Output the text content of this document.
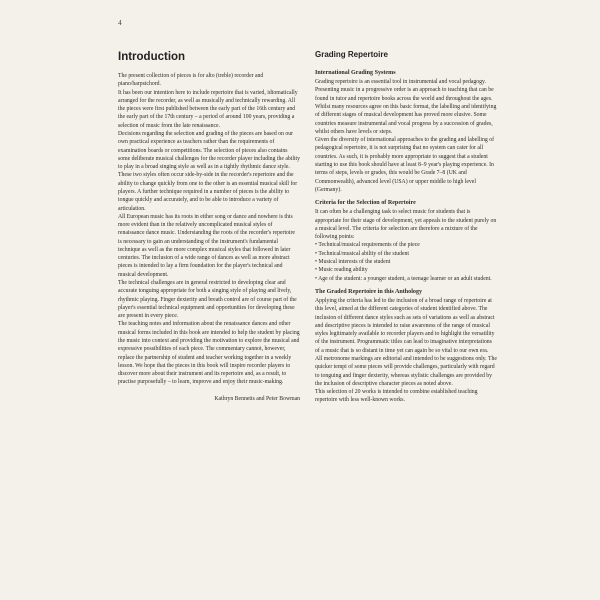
4
Introduction

The present collection of pieces is for alto (treble) recorder and piano/harpsichord.

It has been our intention here to include repertoire that is varied, idiomatically arranged for the recorder, as well as musically and technically rewarding. All the pieces were first published between the early part of the 16th century and the early part of the 17th century – a period of around 100 years, providing a selection of music from the late renaissance.

Decisions regarding the selection and grading of the pieces are based on our own practical experience as teachers rather than the requirements of examination boards or competitions. The selection of pieces also contains some deliberate musical challenges for the recorder player including the ability to play in a broad singing style as well as in a tightly rhythmic dance style. These two styles often occur side-by-side in the recorder's repertoire and the ability to change quickly from one to the other is an essential musical skill for players. A further technique required in a number of pieces is the ability to tongue quickly and accurately, and to be able to introduce a variety of articulation.

All European music has its roots in either song or dance and nowhere is this more evident than in the relatively uncomplicated musical styles of renaissance dance music. Understanding the roots of the recorder's repertoire is necessary to gain an understanding of the instrument's fundamental technique as well as the more complex musical styles that followed in later centuries. The inclusion of a wide range of dances as well as more abstract pieces is intended to lay a firm foundation for the player's technical and musical development.

The technical challenges are in general restricted to developing clear and accurate tonguing appropriate for both a singing style of playing and lively, rhythmic playing. Finger dexterity and breath control are of course part of the player's essential technical equipment and opportunities for developing these are present in every piece.

The teaching notes and information about the renaissance dances and other musical forms included in this book are intended to help the student by placing the music into context and providing the motivation to explore the musical and expressive possibilities of each piece. The commentary cannot, however, replace the partnership of student and teacher working together in a weekly lesson. We hope that the pieces in this book will inspire recorder players to discover more about their instrument and its repertoire and, as a result, to practise purposefully – to learn, improve and enjoy their music-making.

Kathryn Bennetts and Peter Bowman

Grading Repertoire
International Grading Systems

Grading repertoire is an essential tool in instrumental and vocal pedagogy. Presenting music in a progressive order is an approach to teaching that can be found in tutor and repertoire books across the world and throughout the ages. Whilst many resources agree on this basic format, the labelling and identifying of different stages of musical development has proved more elusive. Some countries measure instrumental and vocal progress by a succession of grades, whilst others have levels or steps.

Given the diversity of international approaches to the grading and labelling of pedagogical repertoire, it is not surprising that no system can cater for all countries. As such, it is probably more appropriate to suggest that a student starting to use this book should have at least 8–9 year's playing experience. In terms of steps, levels or grades, this would be Grade 7–8 (UK and Commonwealth), advanced level (USA) or upper middle to high level (Germany).

Criteria for the Selection of Repertoire

It can often be a challenging task to select music for students that is appropriate for their stage of development, yet appeals to the student purely on a musical level. The criteria for selection are therefore a mixture of the following points:

• Technical/musical requirements of the piece
• Technical/musical ability of the student
• Musical interests of the student
• Music reading ability
• Age of the student: a younger student, a teenage learner or an adult student.
The Graded Repertoire in this Anthology

Applying the criteria has led to the inclusion of a broad range of repertoire at this level, aimed at the different categories of student identified above. The inclusion of different dance styles such as sets of variations as well as abstract and descriptive pieces is intended to raise awareness of the range of musical styles legitimately available to recorder players and to highlight the versatility of the instrument. Programmatic titles can lead to imaginative interpretations of a music that is so distant in time yet can again be so vital to our own era.

All metronome markings are editorial and intended to be suggestions only. The quicker tempi of some pieces will provide challenges, particularly with regard to tonguing and finger dexterity, whereas stylistic challenges are provided by the inclusion of descriptive character pieces as noted above.

This selection of 20 works is intended to combine established teaching repertoire with less well-known works.
